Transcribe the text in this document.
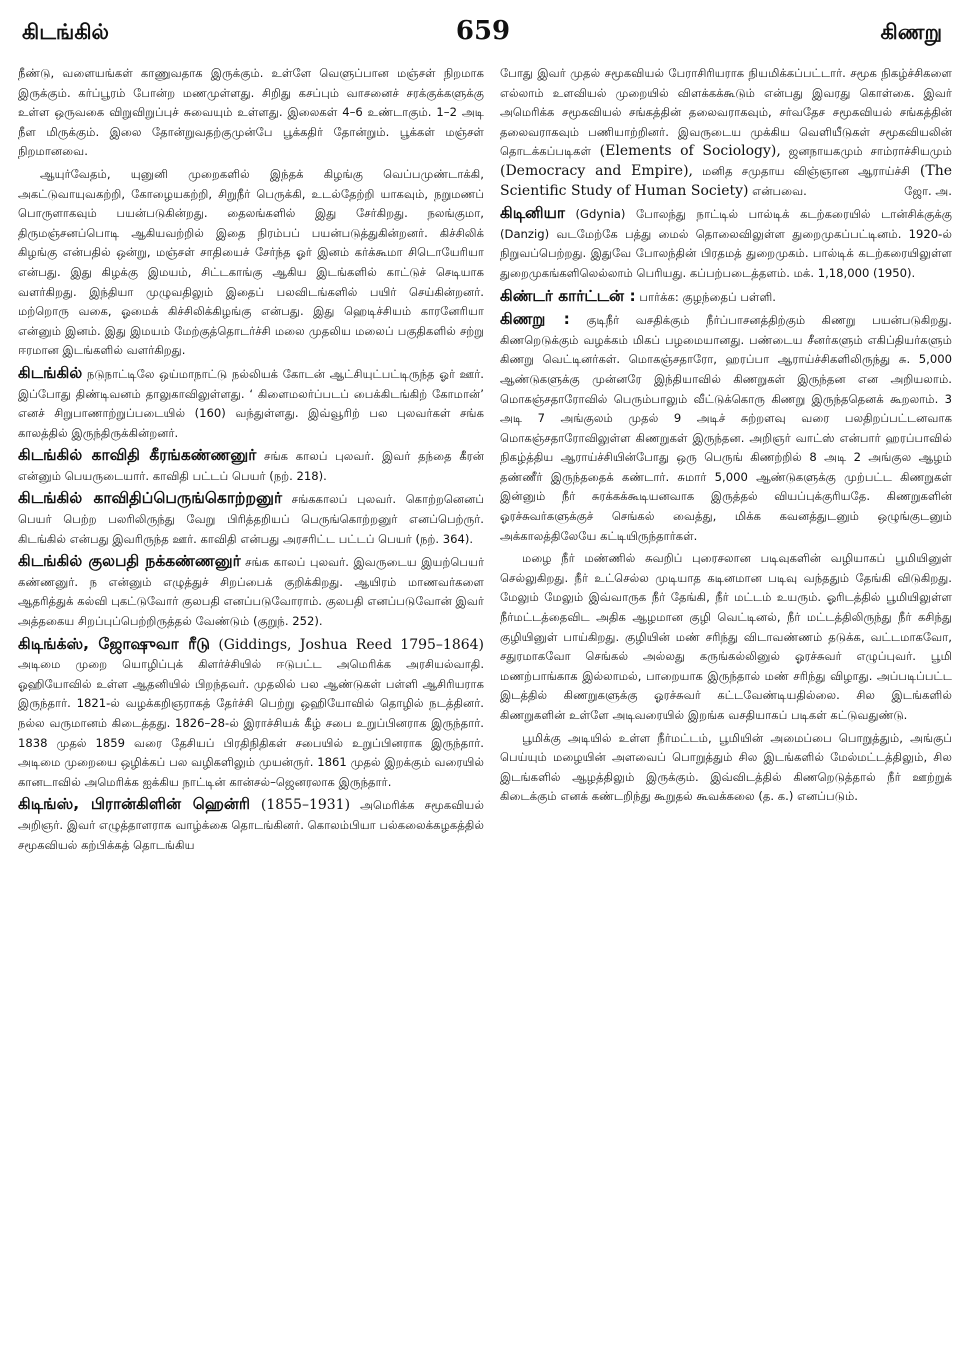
கிடங்கில்	659	கிணறு

நீண்டு, வளையங்கள் காணுவதாக இருக்கும். உள்ளே வெளுப்பான மஞ்சள் நிறமாக இருக்கும். கர்ப்பூரம் போன்ற மணமுள்ளது. சிறிது கசப்பும் வாசனைச் சரக்குக்களுக்கு உள்ள ஒருவகை விறுவிறுப்புச் சுவையும் உள்ளது. இலைகள் 4–6 உண்டாகும். 1–2 அடி நீள மிருக்கும். இலை தோன்றுவதற்குமுன்பே பூக்கதிர் தோன்றும். பூக்கள் மஞ்சள் நிறமானவை.

ஆயுர்வேதம், யுனுனி முறைகளில் இந்தக் கிழங்கு வெப்பமுண்டாக்கி, அகட்டுவாயுவகற்றி, கோழையகற்றி, சிறுநீர் பெருக்கி, உடல்தேற்றி யாகவும், நறுமணப் பொருளாகவும் பயன்படுகின்றது. தைலங்களில் இது சேர்கிறது. நலங்குமா, திருமஞ்சனப்பொடி ஆகியவற்றில் இதை நிரம்பப் பயன்படுத்துகின்றனர். கிச்சிலிக் கிழங்கு என்பதில் ஒன்று, மஞ்சள் சாதியைச் சேர்ந்த ஓர் இனம் கர்க்கூமா சிடொயேரியா என்பது. இது கிழக்கு இமயம், சிட்டகாங்கு ஆகிய இடங்களில் காட்டுச் செடியாக வளர்கிறது. இந்தியா முழுவதிலும் இதைப் பலவிடங்களில் பயிர் செய்கின்றனர். மற்றொரு வகை, ஓமைக் கிச்சிலிக்கிழங்கு என்பது. இது ஹெடிச்சியம் காரனேரியா என்னும் இனம். இது இமயம் மேற்குத்தொடர்ச்சி மலை முதலிய மலைப் பகுதிகளில் சற்று ஈரமான இடங்களில் வளர்கிறது.

கிடங்கில் நடுநாட்டிலே ஒய்மாநாட்டு நல்லியக் கோடன் ஆட்சியுட்பட்டிருந்த ஓர் ஊர். இப்போது திண்டிவனம் தாலுகாவிலுள்ளது. ‘ கிளைமலர்ப்படப் பைக்கிடங்கிற் கோமான்’ எனச் சிறுபாணாற்றுப்படையில் (160) வந்துள்ளது. இவ்வூரிற் பல புலவர்கள் சங்க காலத்தில் இருந்திருக்கின்றனர்.

கிடங்கில் காவிதி கீரங்கண்ணனுர் சங்க காலப் புலவர். இவர் தந்தை கீரன் என்னும் பெயருடையார். காவிதி பட்டப் பெயர் (நற். 218).

கிடங்கில் காவிதிப்பெருங்கொற்றனுர் சங்ககாலப் புலவர். கொற்றனெனப் பெயர் பெற்ற பலரிலிருந்து வேறு பிரித்தறியப் பெருங்கொற்றனுர் எனப்பெற்ருர். கிடங்கில் என்பது இவரிருந்த ஊர். காவிதி என்பது அரசரிட்ட பட்டப் பெயர் (நற். 364).

கிடங்கில் குலபதி நக்கண்ணனுர் சங்க காலப் புலவர். இவருடைய இயற்பெயர் கண்ணனுர். ந என்னும் எழுத்துச் சிறப்பைக் குறிக்கிறது. ஆயிரம் மாணவர்களை ஆதரித்துக் கல்வி புகட்டுவோர் குலபதி எனப்படுவோராம். குலபதி எனப்படுவோன் இவர் அத்தகைய சிறப்புப்பெற்றிருத்தல் வேண்டும் (குறுந். 252).

கிடிங்க்ஸ், ஜோஷுவா ரீடு (Giddings, Joshua Reed 1795–1864) அடிமை முறை யொழிப்புக் கிளர்ச்சியில் ஈடுபட்ட அமெரிக்க அரசியல்வாதி. ஓஹியோவில் உள்ள ஆதனியில் பிறந்தவர். முதலில் பல ஆண்டுகள் பள்ளி ஆசிரியராக இருந்தார். 1821-ல் வழக்கறிஞராகத் தேர்ச்சி பெற்று ஒஹியோவில் தொழில் நடத்தினர். நல்ல வருமானம் கிடைத்தது. 1826–28-ல் இராச்சியக் கீழ் சபை உறுப்பினராக இருந்தார். 1838 முதல் 1859 வரை தேசியப் பிரதிநிதிகள் சபையில் உறுப்பினராக இருந்தார். அடிமை முறையை ஒழிக்கப் பல வழிகளிலும் முயன்ருர். 1861 முதல் இறக்கும் வரையில் கானடாவில் அமெரிக்க ஐக்கிய நாட்டின் கான்சல்–ஜெனரலாக இருந்தார்.

கிடிங்ஸ், பிரான்கிளின் ஹென்ரி (1855–1931) அமெரிக்க சமூகவியல் அறிஞர். இவர் எழுத்தாளராக வாழ்க்கை தொடங்கினர். கொலம்பியா பல்கலைக்கழகத்தில் சமூகவியல் கற்பிக்கத் தொடங்கிய

போது இவர் முதல் சமூகவியல் பேராசிரியராக நியமிக்கப்பட்டார். சமூக நிகழ்ச்சிகளை எல்லாம் உளவியல் முறையில் விளக்கக்கூடும் என்பது இவரது கொள்கை. இவர் அமெரிக்க சமூகவியல் சங்கத்தின் தலைவராகவும், சர்வதேச சமூகவியல் சங்கத்தின் தலைவராகவும் பணியாற்றினர். இவருடைய முக்கிய வெளியீடுகள் சமூகவியலின் தொடக்கப்படிகள் (Elements of Sociology), ஜனநாயகமும் சாம்ராச்சியமும் (Democracy and Empire), மனித சமுதாய விஞ்ஞான ஆராய்ச்சி (The Scientific Study of Human Society) என்பவை.	ஜோ. அ.

கிடினியா (Gdynia) போலந்து நாட்டில் பால்டிக் கடற்கரையில் டான்சிக்குக்கு (Danzig) வடமேற்கே பத்து மைல் தொலைவிலுள்ள துறைமுகப்பட்டினம். 1920-ல் நிறுவப்பெற்றது. இதுவே போலந்தின் பிரதமத் துறைமுகம். பால்டிக் கடற்கரையிலுள்ள துறைமுகங்களிலெல்லாம் பெரியது. கப்பற்படைத்தளம். மக். 1,18,000 (1950).

கிண்டர் கார்ட்டன் : பார்க்க: குழந்தைப் பள்ளி.

கிணறு : குடிநீர் வசதிக்கும் நீர்ப்பாசனத்திற்கும் கிணறு பயன்படுகிறது. கிணறெடுக்கும் வழக்கம் மிகப் பழமையானது. பண்டைய சீனர்களும் எகிப்தியர்களும் கிணறு வெட்டினர்கள். மொகஞ்சதாரோ, ஹரப்பா ஆராய்ச்சிகளிலிருந்து சு. 5,000 ஆண்டுகளுக்கு முன்னரே இந்தியாவில் கிணறுகள் இருந்தன என அறியலாம். மொகஞ்சதாரோவில் பெரும்பாலும் வீட்டுக்கொரு கிணறு இருந்ததெனக் கூறலாம். 3 அடி 7 அங்குலம் முதல் 9 அடிச் சுற்றளவு வரை பலதிறப்பட்டனவாக மொகஞ்சதாரோவிலுள்ள கிணறுகள் இருந்தன. அறிஞர் வாட்ஸ் என்பார் ஹரப்பாவில் நிகழ்த்திய ஆராய்ச்சியின்போது ஒரு பெருங் கிணற்றில் 8 அடி 2 அங்குல ஆழம் தண்ணீர் இருந்ததைக் கண்டார். சுமார் 5,000 ஆண்டுகளுக்கு முற்பட்ட கிணறுகள் இன்னும் நீர் சுரக்கக்கூடியனவாக இருத்தல் வியப்புக்குரியதே. கிணறுகளின் ஓரச்சுவர்களுக்குச் செங்கல் வைத்து, மிக்க கவனத்துடனும் ஒழுங்குடனும் அக்காலத்திலேயே கட்டியிருந்தார்கள்.

மழை நீர் மண்ணில் சுவறிப் புரைசலான படிவுகளின் வழியாகப் பூமியினுள் செல்லுகிறது. நீர் உட்செல்ல முடியாத கடினமான படிவு வந்ததும் தேங்கி விடுகிறது. மேலும் மேலும் இவ்வாருக நீர் தேங்கி, நீர் மட்டம் உயரும். ஓரிடத்தில் பூமியிலுள்ள நீர்மட்டத்தைவிட அதிக ஆழமான குழி வெட்டினல், நீர் மட்டத்திலிருந்து நீர் கசிந்து குழியினுள் பாய்கிறது. குழியின் மண் சரிந்து விடாவண்ணம் தடுக்க, வட்டமாகவோ, சதுரமாகவோ செங்கல் அல்லது கருங்கல்லினுல் ஓரச்சுவர் எழுப்புவர். பூமி மணற்பாங்காக இல்லாமல், பாறையாக இருந்தால் மண் சரிந்து விழாது. அப்படிப்பட்ட இடத்தில் கிணறுகளுக்கு ஓரச்சுவர் கட்டவேண்டியதில்லை. சில இடங்களில் கிணறுகளின் உள்ளே அடிவரையில் இறங்க வசதியாகப் படிகள் கட்டுவதுண்டு.

பூமிக்கு அடியில் உள்ள நீர்மட்டம், பூமியின் அமைப்பை பொறுத்தும், அங்குப் பெய்யும் மழையின் அளவைப் பொறுத்தும் சில இடங்களில் மேல்மட்டத்திலும், சில இடங்களில் ஆழத்திலும் இருக்கும். இவ்விடத்தில் கிணறெடுத்தால் நீர் ஊற்றுக் கிடைக்கும் எனக் கண்டறிந்து கூறுதல் கூவக்கலை (த. க.) எனப்படும்.
